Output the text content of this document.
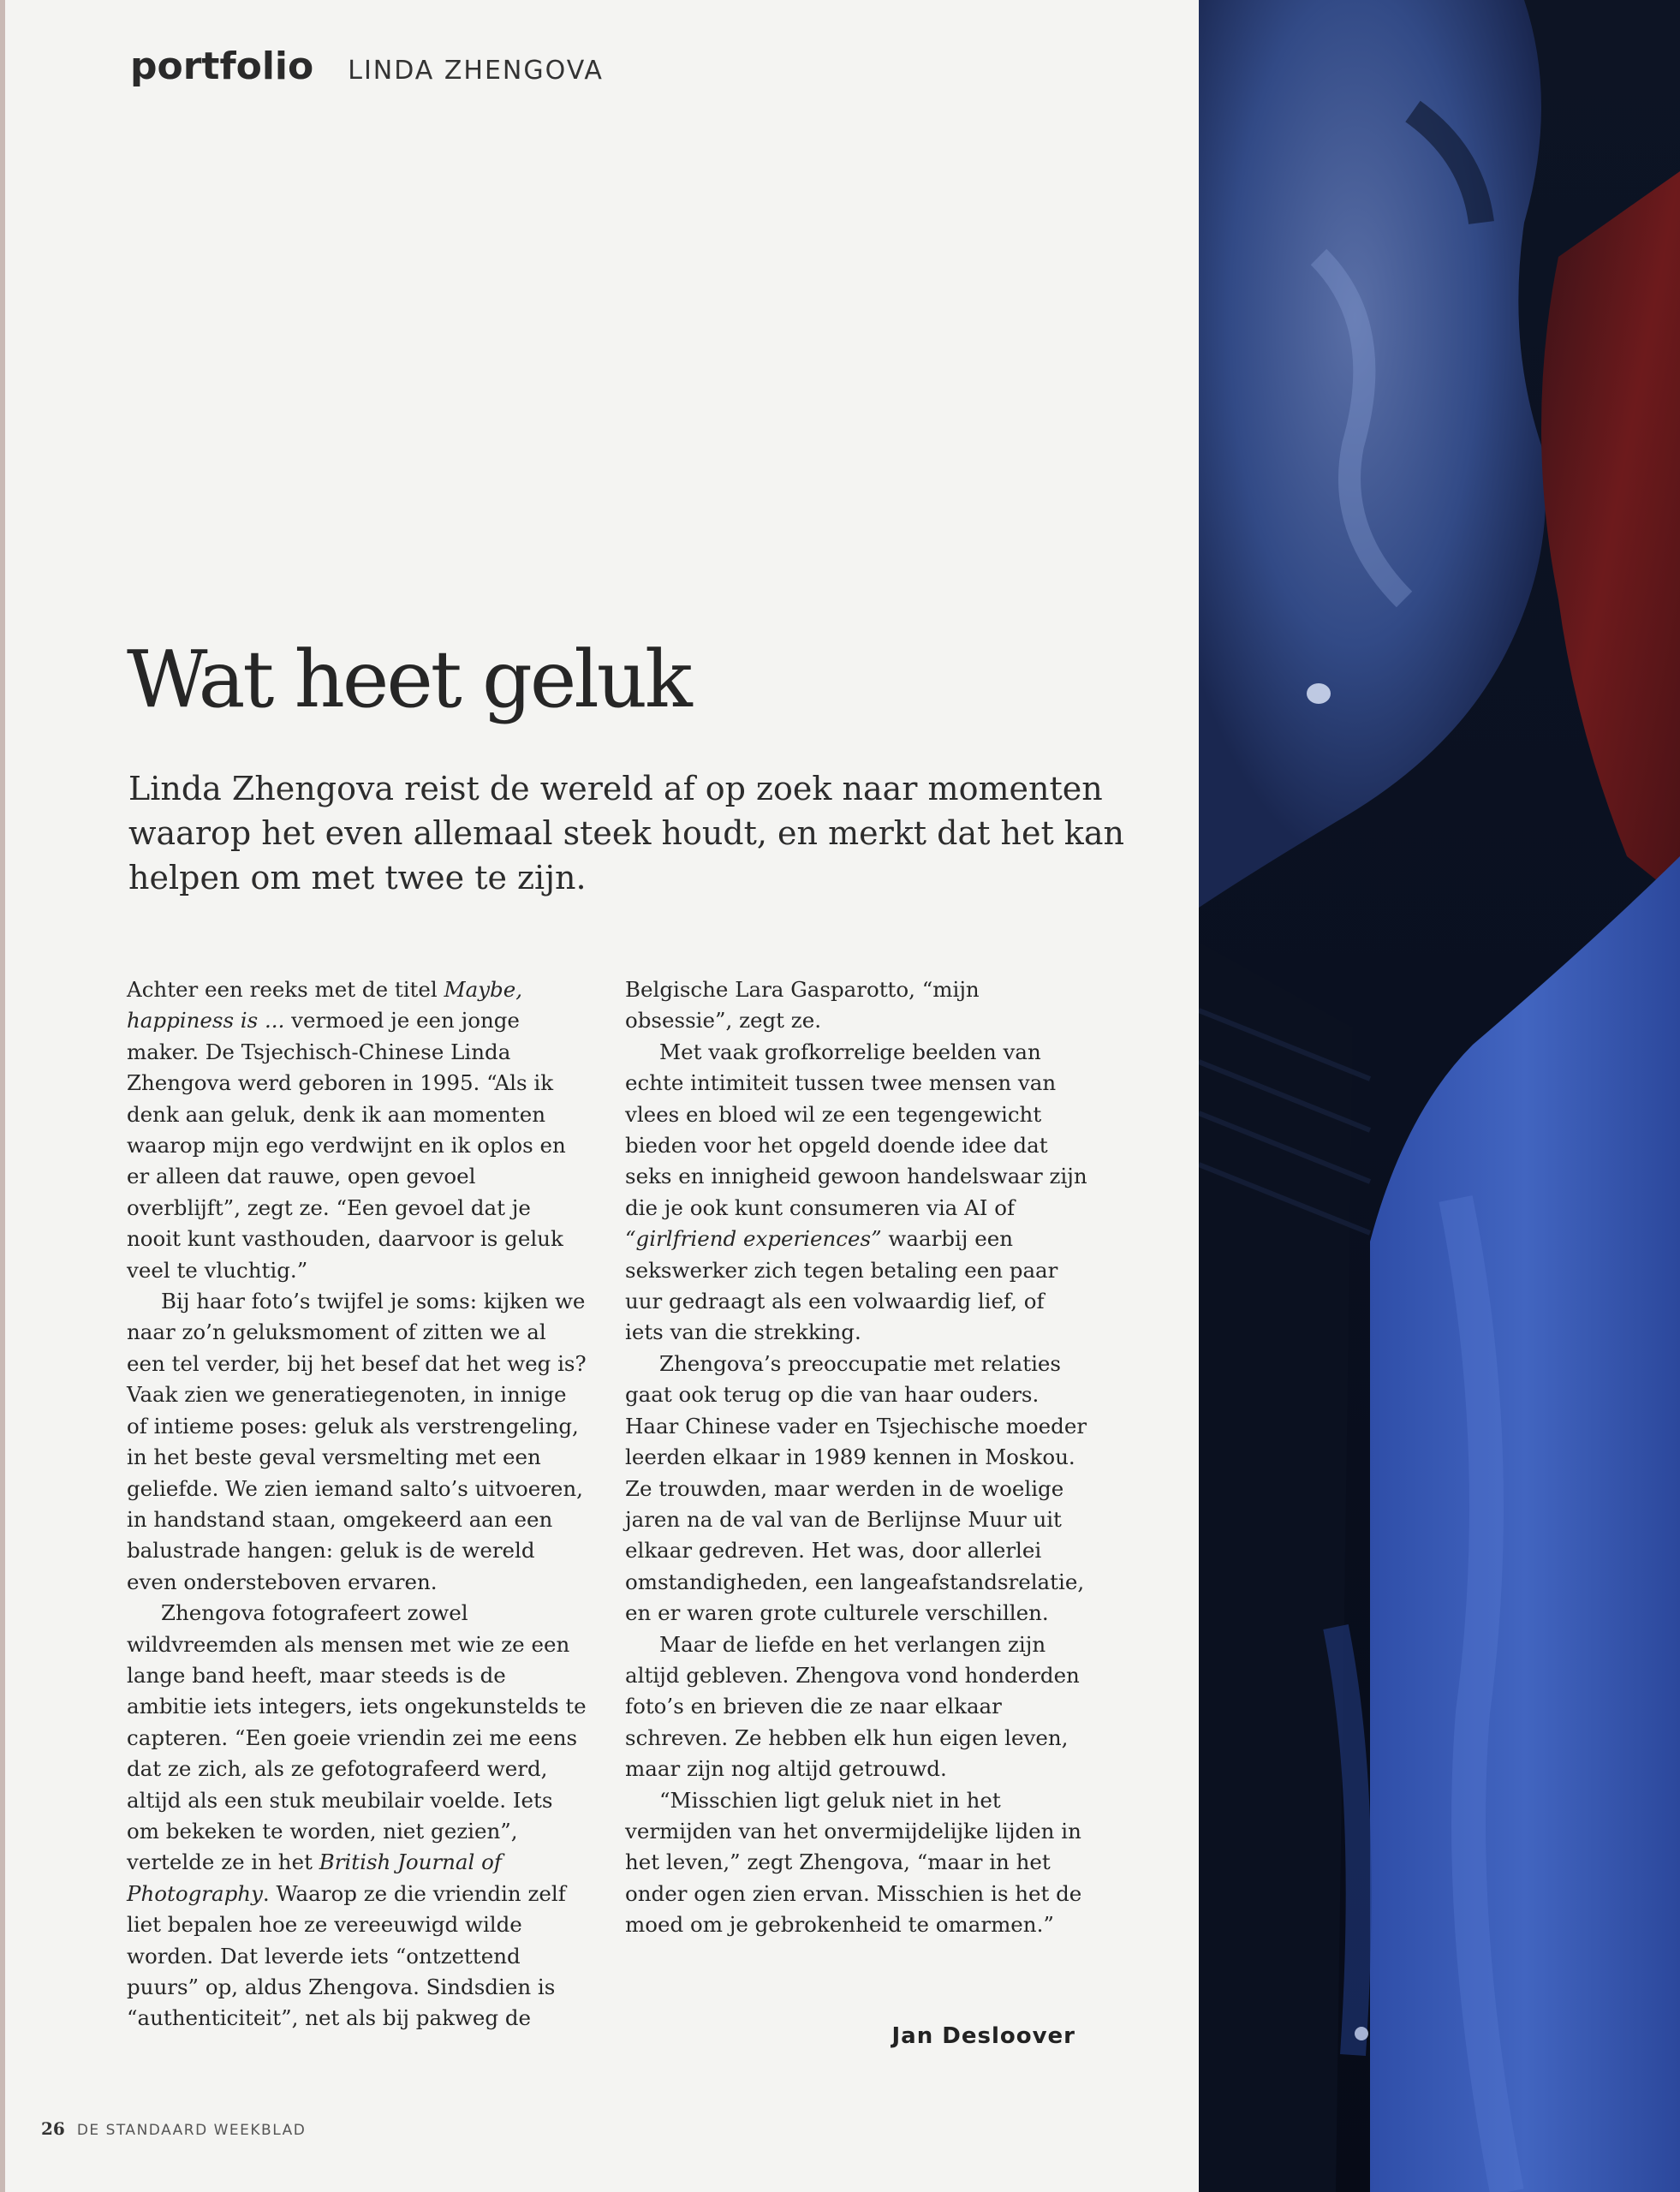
portfolio LINDA ZHENGOVA
Wat heet geluk
Linda Zhengova reist de wereld af op zoek naar momenten waarop het even allemaal steek houdt, en merkt dat het kan helpen om met twee te zijn.

Achter een reeks met de titel Maybe, happiness is ... vermoed je een jonge maker. De Tsjechisch-Chinese Linda Zhengova werd geboren in 1995. “Als ik denk aan geluk, denk ik aan momenten waarop mijn ego verdwijnt en ik oplos en er alleen dat rauwe, open gevoel overblijft”, zegt ze. “Een gevoel dat je nooit kunt vasthouden, daarvoor is geluk veel te vluchtig.”

Bij haar foto’s twijfel je soms: kijken we naar zo’n geluksmoment of zitten we al een tel verder, bij het besef dat het weg is? Vaak zien we generatiegenoten, in innige of intieme poses: geluk als verstrengeling, in het beste geval versmelting met een geliefde. We zien iemand salto’s uitvoeren, in handstand staan, omgekeerd aan een balustrade hangen: geluk is de wereld even ondersteboven ervaren.

Zhengova fotografeert zowel wildvreemden als mensen met wie ze een lange band heeft, maar steeds is de ambitie iets integers, iets ongekunstelds te capteren. “Een goeie vriendin zei me eens dat ze zich, als ze gefotografeerd werd, altijd als een stuk meubilair voelde. Iets om bekeken te worden, niet gezien”, vertelde ze in het British Journal of Photography. Waarop ze die vriendin zelf liet bepalen hoe ze vereeuwigd wilde worden. Dat leverde iets “ontzettend puurs” op, aldus Zhengova. Sindsdien is “authenticiteit”, net als bij pakweg de

Belgische Lara Gasparotto, “mijn obsessie”, zegt ze.

Met vaak grofkorrelige beelden van echte intimiteit tussen twee mensen van vlees en bloed wil ze een tegengewicht bieden voor het opgeld doende idee dat seks en innigheid gewoon handelswaar zijn die je ook kunt consumeren via AI of “girlfriend experiences” waarbij een sekswerker zich tegen betaling een paar uur gedraagt als een volwaardig lief, of iets van die strekking.

Zhengova’s preoccupatie met relaties gaat ook terug op die van haar ouders. Haar Chinese vader en Tsjechische moeder leerden elkaar in 1989 kennen in Moskou. Ze trouwden, maar werden in de woelige jaren na de val van de Berlijnse Muur uit elkaar gedreven. Het was, door allerlei omstandigheden, een langeafstandsrelatie, en er waren grote culturele verschillen.

Maar de liefde en het verlangen zijn altijd gebleven. Zhengova vond honderden foto’s en brieven die ze naar elkaar schreven. Ze hebben elk hun eigen leven, maar zijn nog altijd getrouwd.

“Misschien ligt geluk niet in het vermijden van het onvermijdelijke lijden in het leven,” zegt Zhengova, “maar in het onder ogen zien ervan. Misschien is het de moed om je gebrokenheid te omarmen.”

Jan Desloover
26 DE STANDAARD WEEKBLAD
